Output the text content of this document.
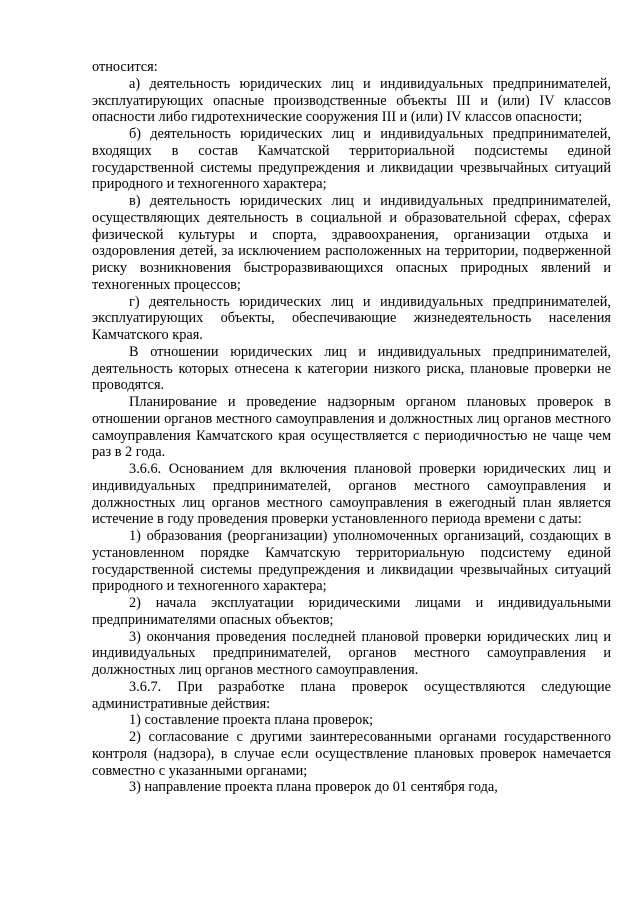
относится:

а) деятельность юридических лиц и индивидуальных предпринимателей, эксплуатирующих опасные производственные объекты III и (или) IV классов опасности либо гидротехнические сооружения III и (или) IV классов опасности;

б) деятельность юридических лиц и индивидуальных предпринимателей, входящих в состав Камчатской территориальной подсистемы единой государственной системы предупреждения и ликвидации чрезвычайных ситуаций природного и техногенного характера;

в) деятельность юридических лиц и индивидуальных предпринимателей, осуществляющих деятельность в социальной и образовательной сферах, сферах физической культуры и спорта, здравоохранения, организации отдыха и оздоровления детей, за исключением расположенных на территории, подверженной риску возникновения быстроразвивающихся опасных природных явлений и техногенных процессов;

г) деятельность юридических лиц и индивидуальных предпринимателей, эксплуатирующих объекты, обеспечивающие жизнедеятельность населения Камчатского края.

В отношении юридических лиц и индивидуальных предпринимателей, деятельность которых отнесена к категории низкого риска, плановые проверки не проводятся.

Планирование и проведение надзорным органом плановых проверок в отношении органов местного самоуправления и должностных лиц органов местного самоуправления Камчатского края осуществляется с периодичностью не чаще чем раз в 2 года.

3.6.6. Основанием для включения плановой проверки юридических лиц и индивидуальных предпринимателей, органов местного самоуправления и должностных лиц органов местного самоуправления в ежегодный план является истечение в году проведения проверки установленного периода времени с даты:

1) образования (реорганизации) уполномоченных организаций, создающих в установленном порядке Камчатскую территориальную подсистему единой государственной системы предупреждения и ликвидации чрезвычайных ситуаций природного и техногенного характера;

2) начала эксплуатации юридическими лицами и индивидуальными предпринимателями опасных объектов;

3) окончания проведения последней плановой проверки юридических лиц и индивидуальных предпринимателей, органов местного самоуправления и должностных лиц органов местного самоуправления.

3.6.7. При разработке плана проверок осуществляются следующие административные действия:

1) составление проекта плана проверок;

2) согласование с другими заинтересованными органами государственного контроля (надзора), в случае если осуществление плановых проверок намечается совместно с указанными органами;

3) направление проекта плана проверок до 01 сентября года,
